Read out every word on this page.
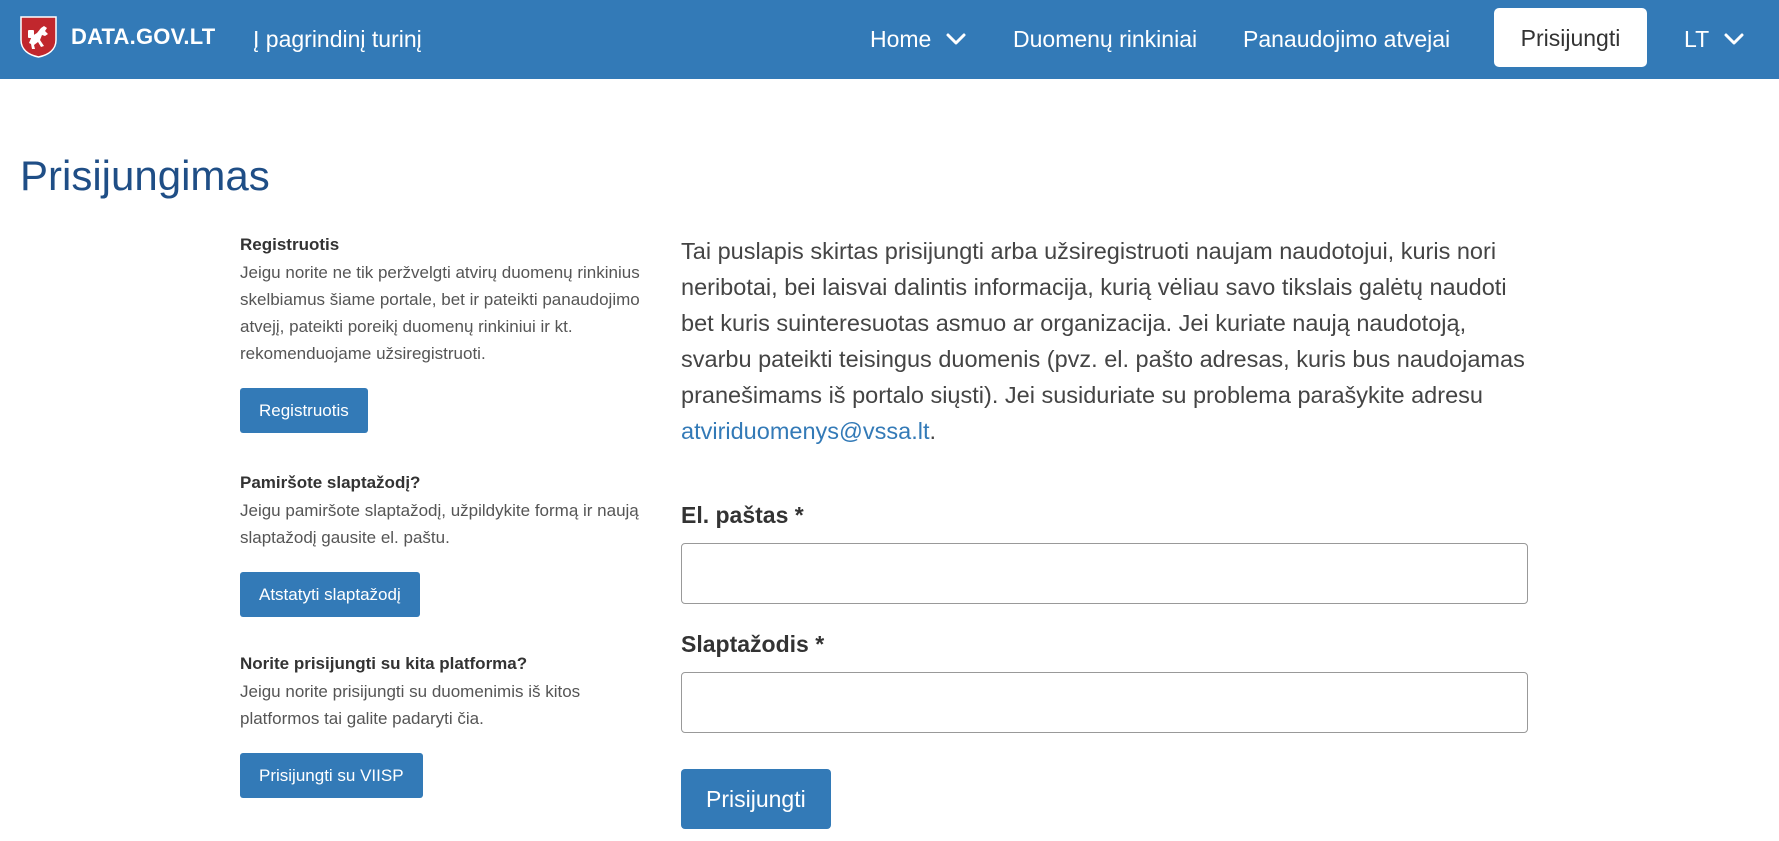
DATA.GOV.LT Į pagrindinį turinį	Home	Duomenų rinkiniai Panaudojimo atvejai	Prisijungti	LT
Prisijungimas

Registruotis

Jeigu norite ne tik peržvelgti atvirų duomenų rinkinius skelbiamus šiame portale, bet ir pateikti panaudojimo atvejį, pateikti poreikį duomenų rinkiniui ir kt. rekomenduojame užsiregistruoti.

Registruotis

Pamiršote slaptažodį?

Jeigu pamiršote slaptažodį, užpildykite formą ir naują slaptažodį gausite el. paštu.

Atstatyti slaptažodį

Norite prisijungti su kita platforma?

Jeigu norite prisijungti su duomenimis iš kitos platformos tai galite padaryti čia.

Prisijungti su VIISP

Tai puslapis skirtas prisijungti arba užsiregistruoti naujam naudotojui, kuris nori neribotai, bei laisvai dalintis informacija, kurią vėliau savo tikslais galėtų naudoti bet kuris suinteresuotas asmuo ar organizacija. Jei kuriate naują naudotoją, svarbu pateikti teisingus duomenis (pvz. el. pašto adresas, kuris bus naudojamas pranešimams iš portalo siųsti). Jei susiduriate su problema parašykite adresu atviriduomenys@vssa.lt.

El. paštas *
Slaptažodis *
Prisijungti
